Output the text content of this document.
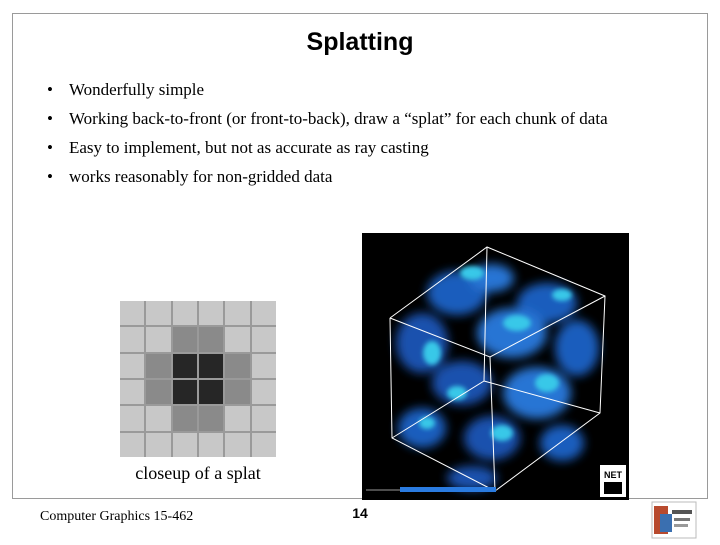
Splatting
• Wonderfully simple
• Working back-to-front (or front-to-back), draw a “splat” for each chunk of data
• Easy to implement, but not as accurate as ray casting
• works reasonably for non-gridded data
closeup of a splat	NET
Computer Graphics 15-462	14
